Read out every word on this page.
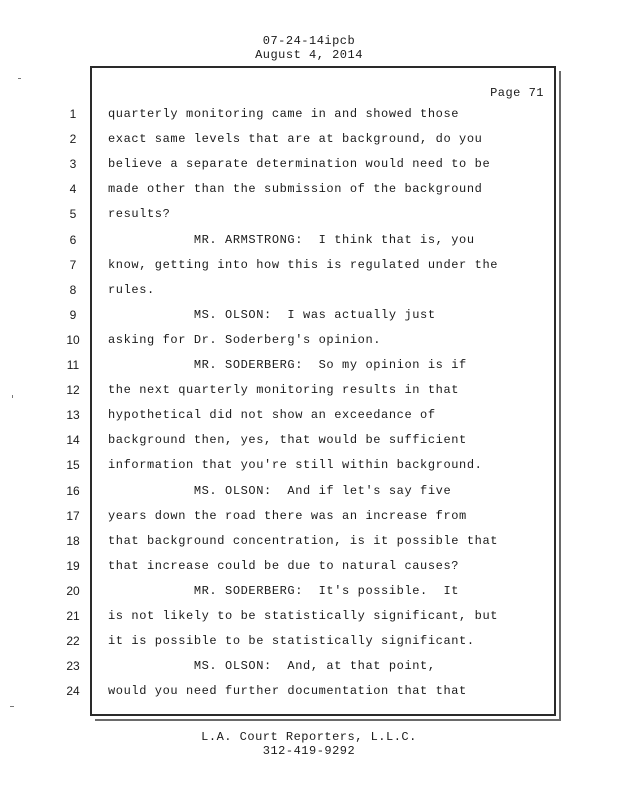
07-24-14ipcb
August 4, 2014
Page 71
1
2
3
4
5
6
7
8
9
10
11
12
13
14
15
16
17
18
19
20
21
22
23
24
quarterly monitoring came in and showed those
exact same levels that are at background, do you
believe a separate determination would need to be
made other than the submission of the background
results?
MR. ARMSTRONG:  I think that is, you
know, getting into how this is regulated under the
rules.
MS. OLSON:  I was actually just
asking for Dr. Soderberg's opinion.
MR. SODERBERG:  So my opinion is if
the next quarterly monitoring results in that
hypothetical did not show an exceedance of
background then, yes, that would be sufficient
information that you're still within background.
MS. OLSON:  And if let's say five
years down the road there was an increase from
that background concentration, is it possible that
that increase could be due to natural causes?
MR. SODERBERG:  It's possible.  It
is not likely to be statistically significant, but
it is possible to be statistically significant.
MS. OLSON:  And, at that point,
would you need further documentation that that
L.A. Court Reporters, L.L.C.
312-419-9292
